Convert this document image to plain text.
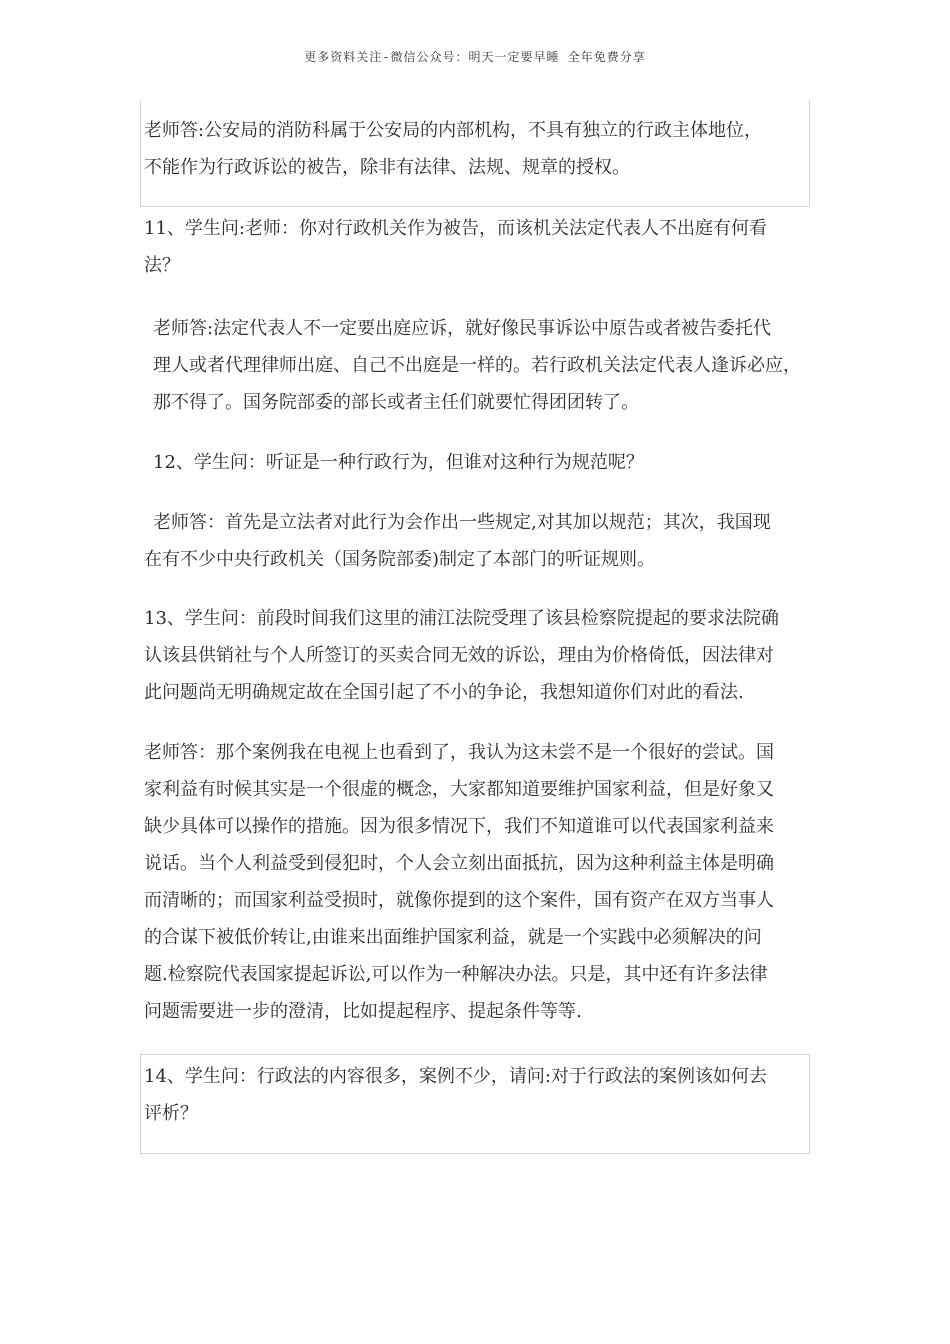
更多资料关注-微信公众号：明天一定要早睡 全年免费分享
老师答:公安局的消防科属于公安局的内部机构，不具有独立的行政主体地位，
不能作为行政诉讼的被告，除非有法律、法规、规章的授权。
11、学生问:老师：你对行政机关作为被告，而该机关法定代表人不出庭有何看
法？
老师答:法定代表人不一定要出庭应诉，就好像民事诉讼中原告或者被告委托代
理人或者代理律师出庭、自己不出庭是一样的。若行政机关法定代表人逢诉必应，
那不得了。国务院部委的部长或者主任们就要忙得团团转了。
12、学生问：听证是一种行政行为，但谁对这种行为规范呢？
老师答：首先是立法者对此行为会作出一些规定,对其加以规范；其次，我国现
在有不少中央行政机关（国务院部委)制定了本部门的听证规则。
13、学生问：前段时间我们这里的浦江法院受理了该县检察院提起的要求法院确
认该县供销社与个人所签订的买卖合同无效的诉讼，理由为价格倚低，因法律对
此问题尚无明确规定故在全国引起了不小的争论，我想知道你们对此的看法.
老师答：那个案例我在电视上也看到了，我认为这未尝不是一个很好的尝试。国
家利益有时候其实是一个很虚的概念，大家都知道要维护国家利益，但是好象又
缺少具体可以操作的措施。因为很多情况下，我们不知道谁可以代表国家利益来
说话。当个人利益受到侵犯时，个人会立刻出面抵抗，因为这种利益主体是明确
而清晰的；而国家利益受损时，就像你提到的这个案件，国有资产在双方当事人
的合谋下被低价转让,由谁来出面维护国家利益，就是一个实践中必须解决的问
题.检察院代表国家提起诉讼,可以作为一种解决办法。只是，其中还有许多法律
问题需要进一步的澄清，比如提起程序、提起条件等等.
14、学生问：行政法的内容很多，案例不少，请问:对于行政法的案例该如何去
评析？
